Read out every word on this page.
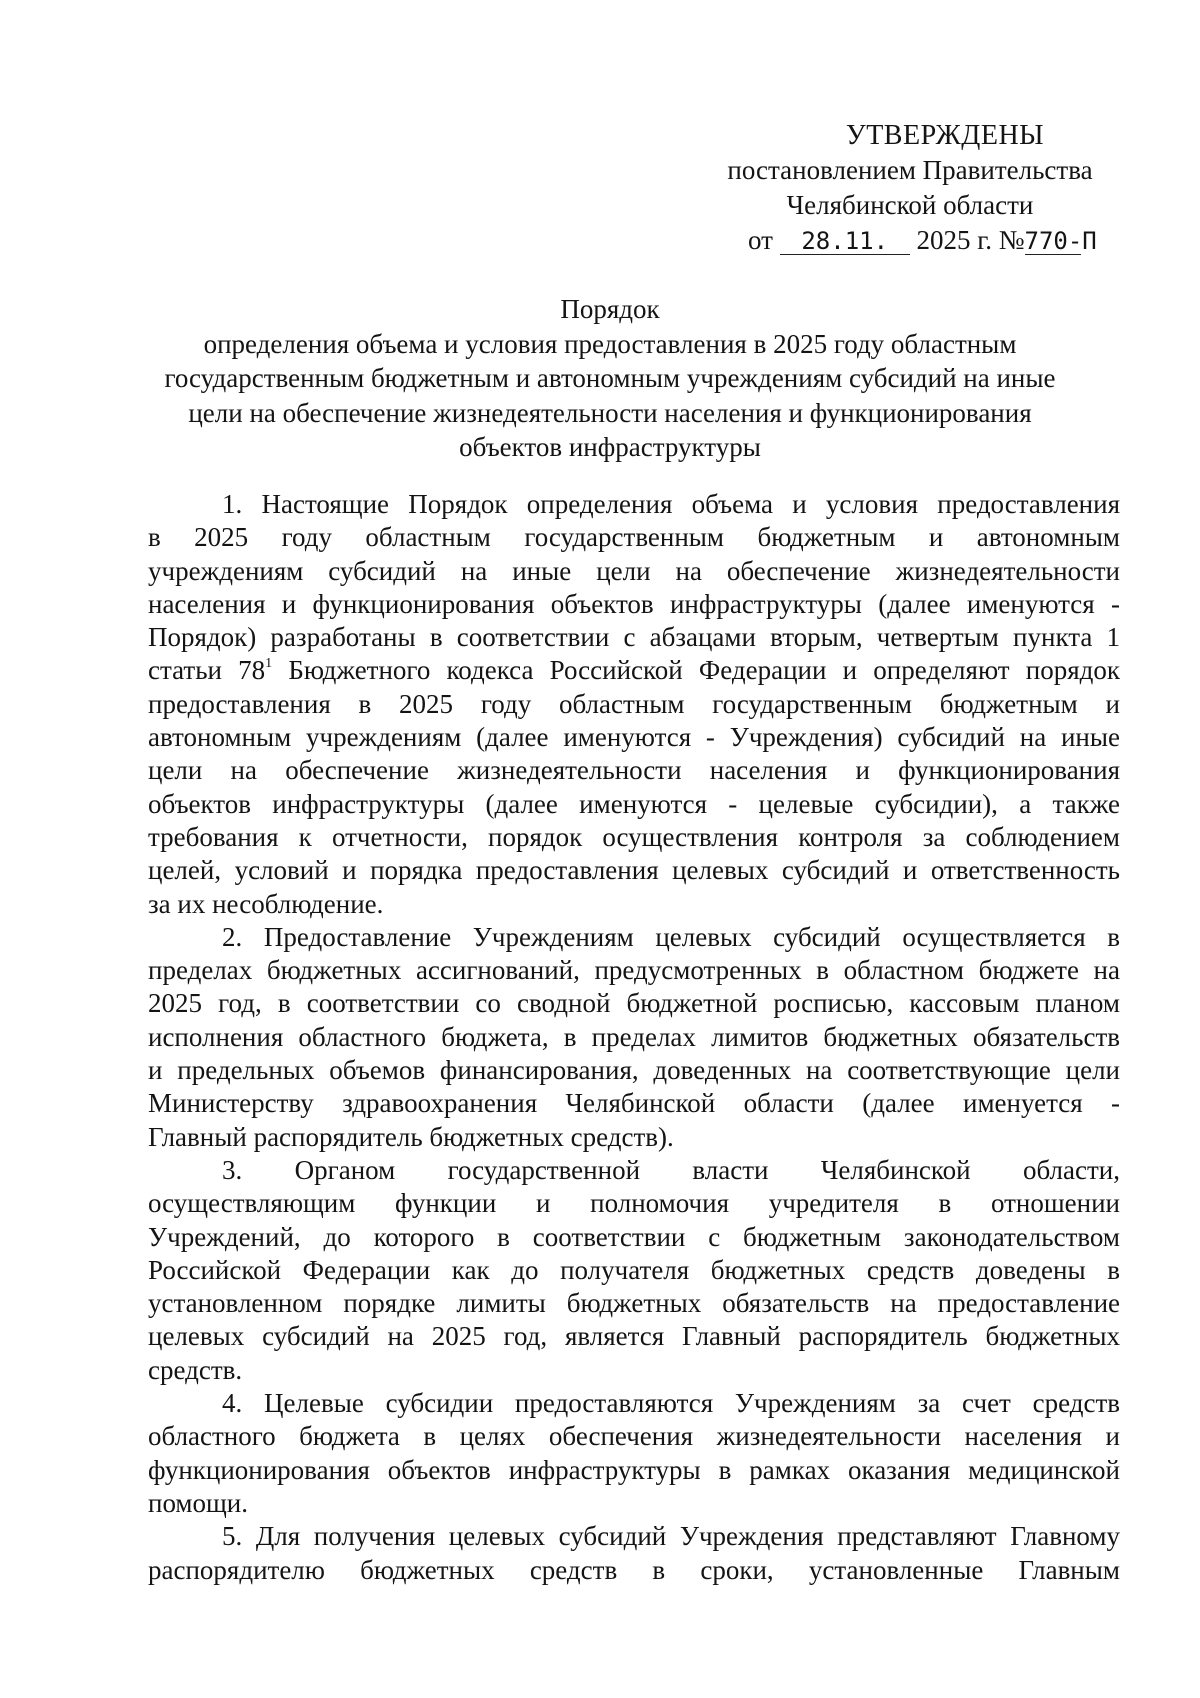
УТВЕРЖДЕНЫ
постановлением Правительства
Челябинской области
от 28.11. 2025 г. №770-П
Порядок
определения объема и условия предоставления в 2025 году областным
государственным бюджетным и автономным учреждениям субсидий на иные
цели на обеспечение жизнедеятельности населения и функционирования
объектов инфраструктуры
1. Настоящие Порядок определения объема и условия предоставления
в 2025 году областным государственным бюджетным и автономным
учреждениям субсидий на иные цели на обеспечение жизнедеятельности
населения и функционирования объектов инфраструктуры (далее именуются -
Порядок) разработаны в соответствии с абзацами вторым, четвертым пункта 1
статьи $78^1$ Бюджетного кодекса Российской Федерации и определяют порядок
предоставления в 2025 году областным государственным бюджетным и
автономным учреждениям (далее именуются - Учреждения) субсидий на иные
цели на обеспечение жизнедеятельности населения и функционирования
объектов инфраструктуры (далее именуются - целевые субсидии), а также
требования к отчетности, порядок осуществления контроля за соблюдением
целей, условий и порядка предоставления целевых субсидий и ответственность
за их несоблюдение.
2. Предоставление Учреждениям целевых субсидий осуществляется в
пределах бюджетных ассигнований, предусмотренных в областном бюджете на
2025 год, в соответствии со сводной бюджетной росписью, кассовым планом
исполнения областного бюджета, в пределах лимитов бюджетных обязательств
и предельных объемов финансирования, доведенных на соответствующие цели
Министерству здравоохранения Челябинской области (далее именуется -
Главный распорядитель бюджетных средств).
3. Органом государственной власти Челябинской области,
осуществляющим функции и полномочия учредителя в отношении
Учреждений, до которого в соответствии с бюджетным законодательством
Российской Федерации как до получателя бюджетных средств доведены в
установленном порядке лимиты бюджетных обязательств на предоставление
целевых субсидий на 2025 год, является Главный распорядитель бюджетных
средств.
4. Целевые субсидии предоставляются Учреждениям за счет средств
областного бюджета в целях обеспечения жизнедеятельности населения и
функционирования объектов инфраструктуры в рамках оказания медицинской
помощи.
5. Для получения целевых субсидий Учреждения представляют Главному
распорядителю бюджетных средств в сроки, установленные Главным
